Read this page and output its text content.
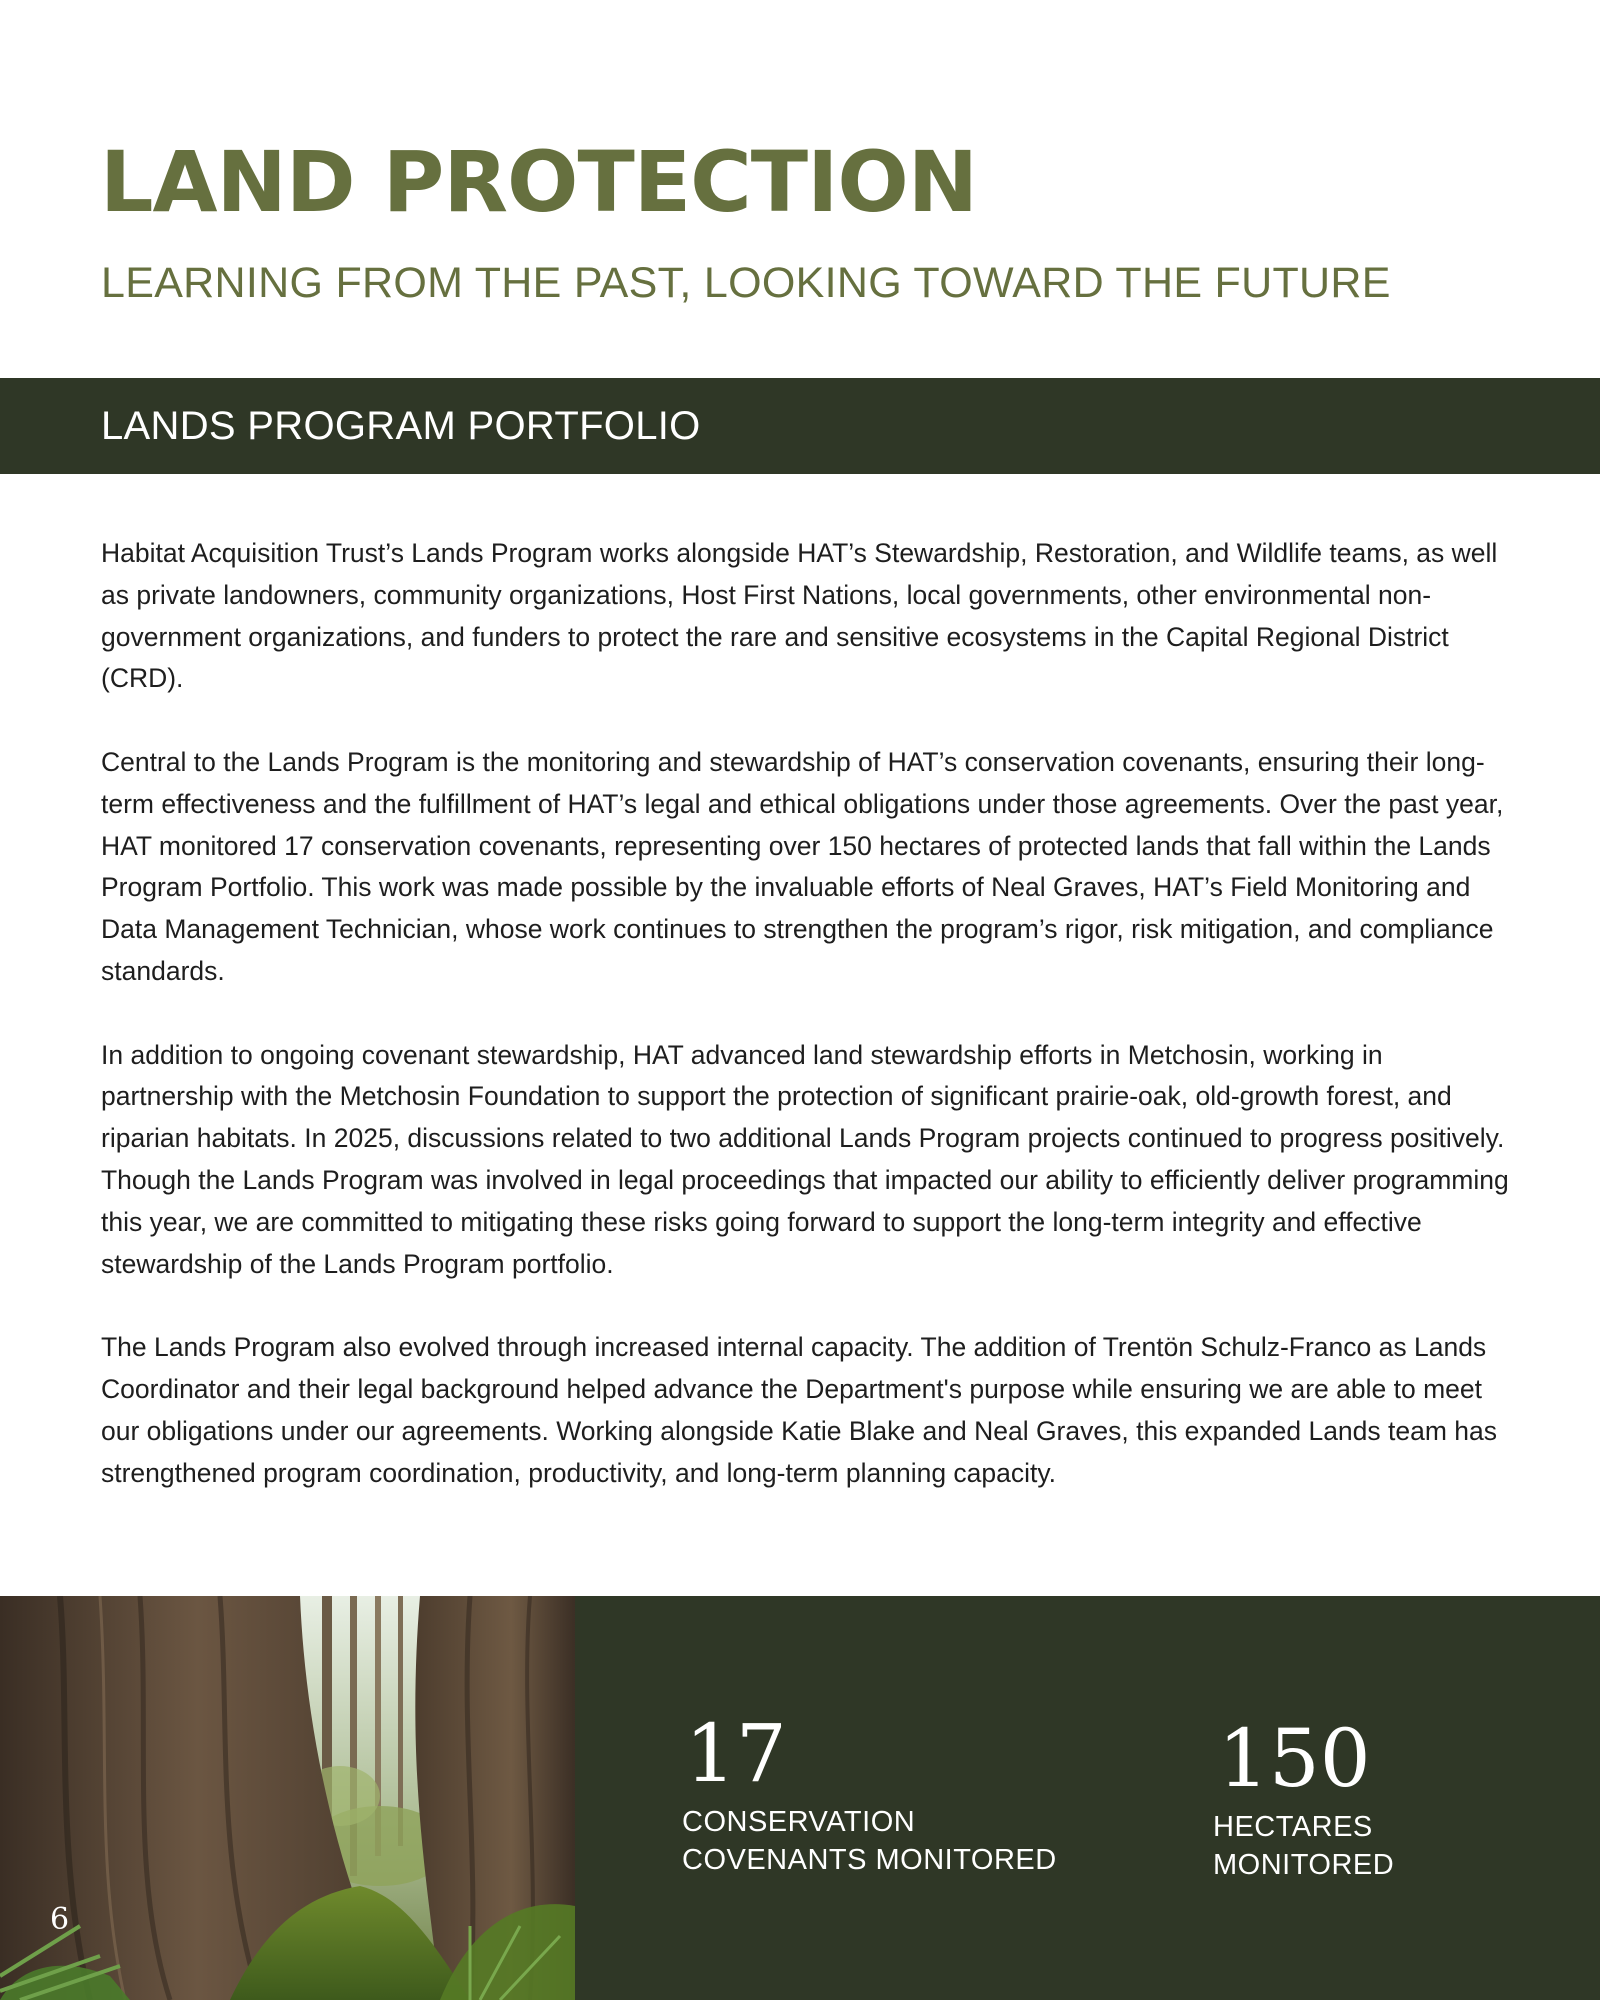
LAND PROTECTION
LEARNING FROM THE PAST, LOOKING TOWARD THE FUTURE
LANDS PROGRAM PORTFOLIO

Habitat Acquisition Trust’s Lands Program works alongside HAT’s Stewardship, Restoration, and Wildlife teams, as well as private landowners, community organizations, Host First Nations, local governments, other environmental non-government organizations, and funders to protect the rare and sensitive ecosystems in the Capital Regional District (CRD).

Central to the Lands Program is the monitoring and stewardship of HAT’s conservation covenants, ensuring their long-term effectiveness and the fulfillment of HAT’s legal and ethical obligations under those agreements. Over the past year, HAT monitored 17 conservation covenants, representing over 150 hectares of protected lands that fall within the Lands Program Portfolio. This work was made possible by the invaluable efforts of Neal Graves, HAT’s Field Monitoring and Data Management Technician, whose work continues to strengthen the program’s rigor, risk mitigation, and compliance standards.

In addition to ongoing covenant stewardship, HAT advanced land stewardship efforts in Metchosin, working in partnership with the Metchosin Foundation to support the protection of significant prairie-oak, old-growth forest, and riparian habitats. In 2025, discussions related to two additional Lands Program projects continued to progress positively. Though the Lands Program was involved in legal proceedings that impacted our ability to efficiently deliver programming this year, we are committed to mitigating these risks going forward to support the long-term integrity and effective stewardship of the Lands Program portfolio.

The Lands Program also evolved through increased internal capacity. The addition of Trentön Schulz-Franco as Lands Coordinator and their legal background helped advance the Department's purpose while ensuring we are able to meet our obligations under our agreements. Working alongside Katie Blake and Neal Graves, this expanded Lands team has strengthened program coordination, productivity, and long-term planning capacity.

17

CONSERVATION
COVENANTS MONITORED

150

HECTARES
MONITORED

6
